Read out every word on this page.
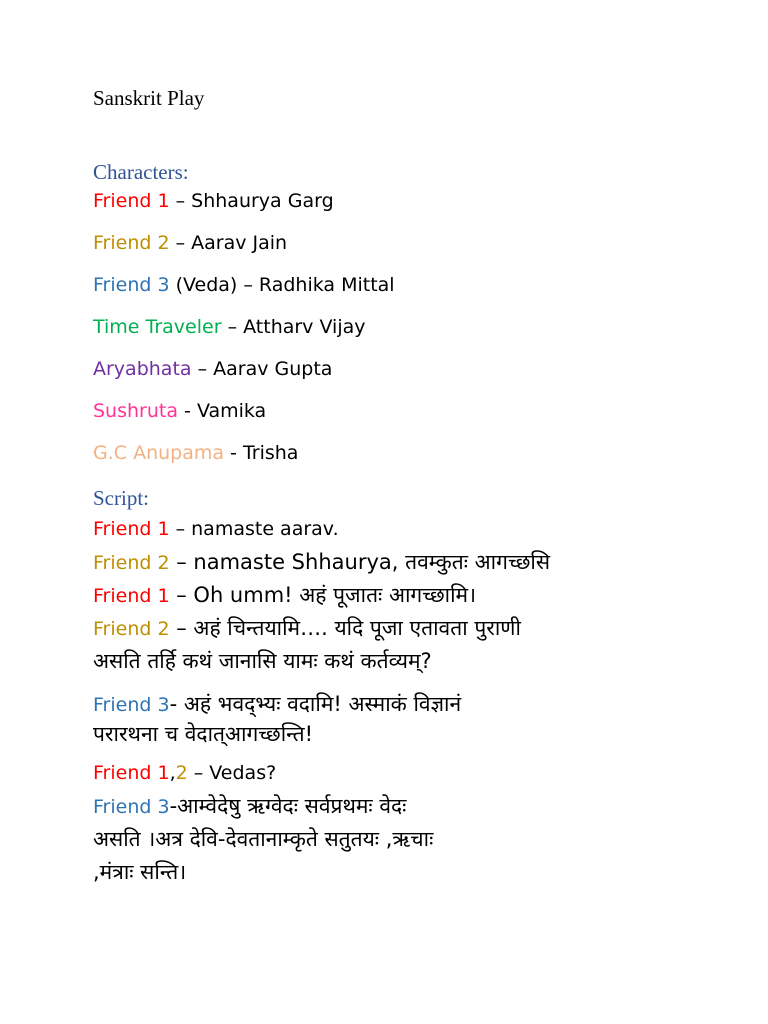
Sanskrit Play
Characters:
Friend 1 – Shhaurya Garg
Friend 2 – Aarav Jain
Friend 3 (Veda) – Radhika Mittal
Time Traveler – Attharv Vijay
Aryabhata – Aarav Gupta
Sushruta - Vamika
G.C Anupama - Trisha
Script:
Friend 1 – namaste aarav.
Friend 2 – namaste Shhaurya, तवम्कुतः आगच्छसि
Friend 1 – Oh umm! अहं पूजातः आगच्छामि।
Friend 2 – अहं चिन्तयामि…. यदि पूजा एतावता पुराणी
असति तर्हि कथं जानासि यामः कथं कर्तव्यम्?
Friend 3- अहं भवद्भ्यः वदामि! अस्माकं विज्ञानं
परारथना च वेदात्आगच्छन्ति!
Friend 1,2 – Vedas?
Friend 3-आम्वेदेषु ऋग्वेदः सर्वप्रथमः वेदः
असति ।अत्र देवि-देवतानाम्कृते सतुतयः ,ऋचाः
,मंत्राः सन्ति।
